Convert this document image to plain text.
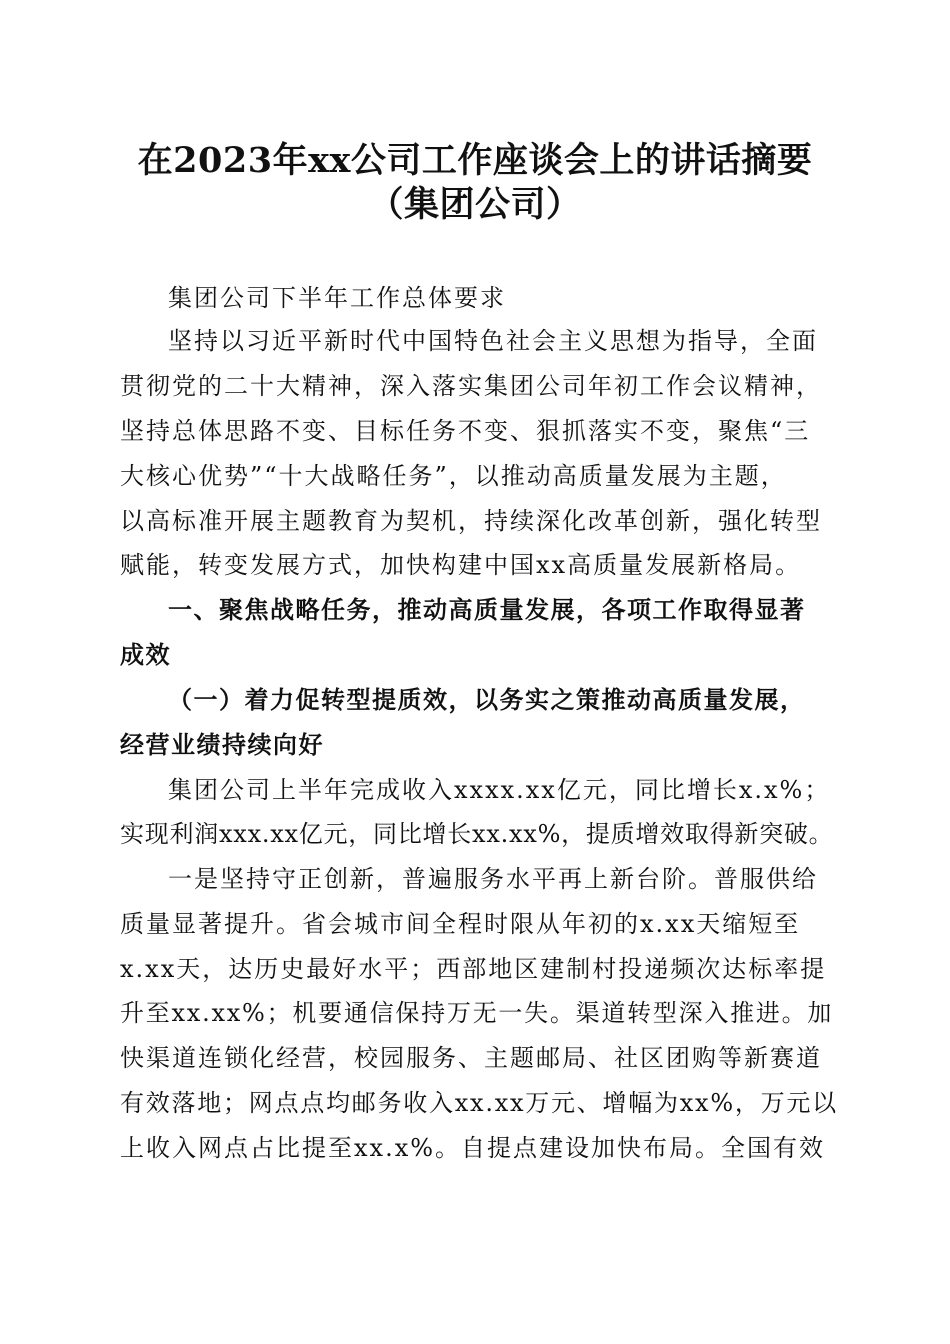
在2023年xx公司工作座谈会上的讲话摘要
（集团公司）
集团公司下半年工作总体要求
坚持以习近平新时代中国特色社会主义思想为指导，全面
贯彻党的二十大精神，深入落实集团公司年初工作会议精神，
坚持总体思路不变、目标任务不变、狠抓落实不变，聚焦“三
大核心优势”“十大战略任务”，以推动高质量发展为主题，
以高标准开展主题教育为契机，持续深化改革创新，强化转型
赋能，转变发展方式，加快构建中国xx高质量发展新格局。
一、聚焦战略任务，推动高质量发展，各项工作取得显著
成效
（一）着力促转型提质效，以务实之策推动高质量发展，
经营业绩持续向好
集团公司上半年完成收入xxxx.xx亿元，同比增长x.x%；
实现利润xxx.xx亿元，同比增长xx.xx%，提质增效取得新突破。
一是坚持守正创新，普遍服务水平再上新台阶。普服供给
质量显著提升。省会城市间全程时限从年初的x.xx天缩短至
x.xx天，达历史最好水平；西部地区建制村投递频次达标率提
升至xx.xx%；机要通信保持万无一失。渠道转型深入推进。加
快渠道连锁化经营，校园服务、主题邮局、社区团购等新赛道
有效落地；网点点均邮务收入xx.xx万元、增幅为xx%，万元以
上收入网点占比提至xx.x%。自提点建设加快布局。全国有效
